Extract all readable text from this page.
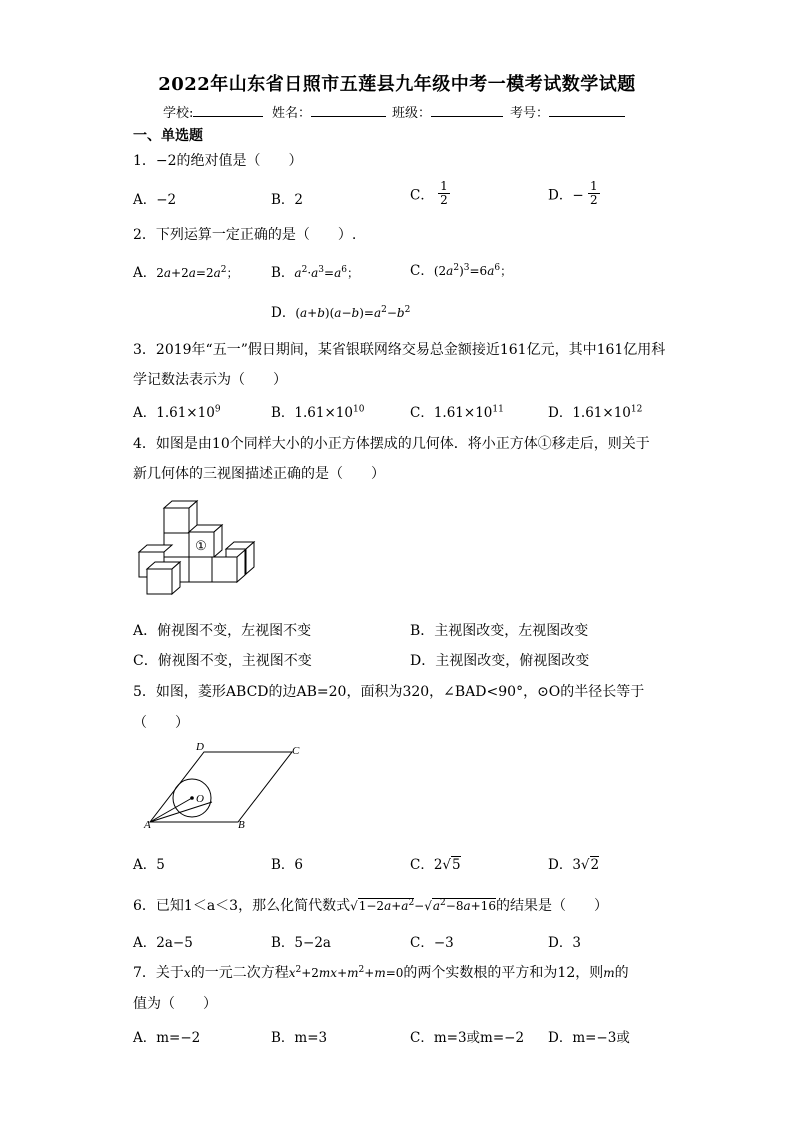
2022年山东省日照市五莲县九年级中考一模考试数学试题
学校:	姓名：	班级：	考号：
一、单选题
1．−2的绝对值是（　　）
A．−2	B．2	C． $\frac{1}{2}$	D．− $\frac{1}{2}$
2．下列运算一定正确的是（　　）.
A．$2a+2a=2a^2$； B．$a^2\cdot a^3=a^6$；	C．$(2a^2)^3=6a^6$；
D．$(a+b)(a-b)=a^2-b^2$
3．2019年“五一”假日期间，某省银联网络交易总金额接近161亿元，其中161亿用科
学记数法表示为（　　）
A．$1.61\times 10^9$	B．$1.61\times 10^{10}$	C．$1.61\times 10^{11}$	D．$1.61\times 10^{12}$
4．如图是由10个同样大小的小正方体摆成的几何体．将小正方体①移走后，则关于
新几何体的三视图描述正确的是（　　）
①
A．俯视图不变，左视图不变	B．主视图改变，左视图改变
C．俯视图不变，主视图不变	D．主视图改变，俯视图改变
5．如图，菱形ABCD的边AB=20，面积为320，∠BAD<90°，⊙O的半径长等于
（　　）
A	B
C
D
O
A．5	B．6	C．2√5	D．3√2
6．已知1＜a＜3，那么化简代数式$√1-2a+a^2-√a^2-8a+16$的结果是（　　）
A．2a−5	B．5−2a	C．−3	D．3
7．关于x的一元二次方程$x^2+2mx+m^2+m=0$的两个实数根的平方和为12，则m的
值为（　　）
A．m=−2	B．m=3	C．m=3或m=−2 D．m=−3或
